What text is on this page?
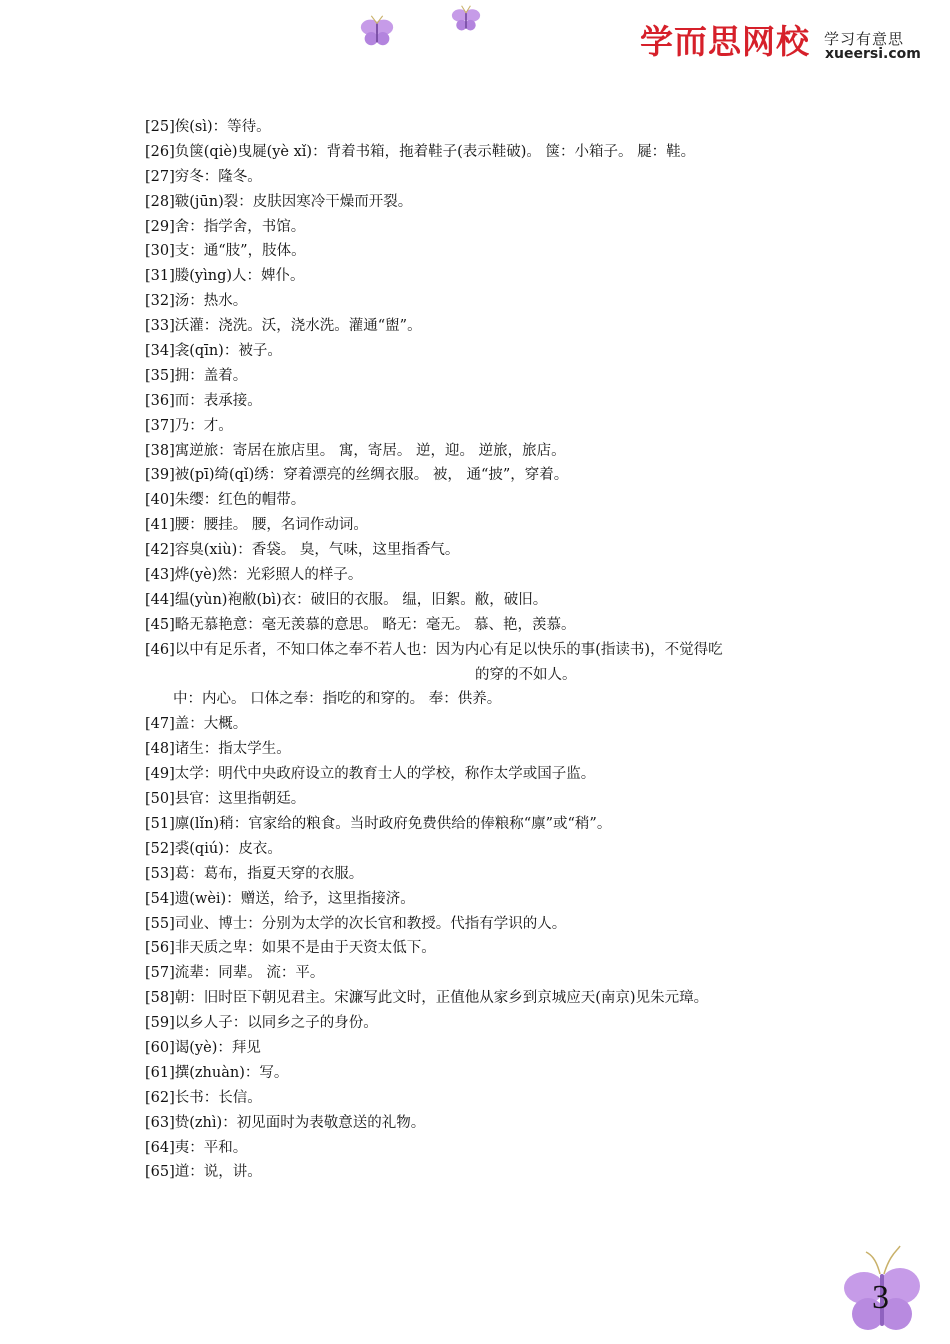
学而思网校 学习有意思
xueersi.com
[25]俟(sì)：等待。
[26]负箧(qiè)曳屣(yè xǐ)：背着书箱，拖着鞋子(表示鞋破)。 箧：小箱子。 屣：鞋。
[27]穷冬：隆冬。
[28]皲(jūn)裂：皮肤因寒冷干燥而开裂。
[29]舍：指学舍，书馆。
[30]支：通“肢”，肢体。
[31]媵(yìng)人：婢仆。
[32]汤：热水。
[33]沃灌：浇洗。沃，浇水洗。灌通“盥”。
[34]衾(qīn)：被子。
[35]拥：盖着。
[36]而：表承接。
[37]乃：才。
[38]寓逆旅：寄居在旅店里。 寓，寄居。 逆，迎。 逆旅，旅店。
[39]被(pī)绮(qǐ)绣：穿着漂亮的丝绸衣服。 被， 通“披”，穿着。
[40]朱缨：红色的帽带。
[41]腰：腰挂。 腰，名词作动词。
[42]容臭(xiù)：香袋。 臭，气味，这里指香气。
[43]烨(yè)然：光彩照人的样子。
[44]缊(yùn)袍敝(bì)衣：破旧的衣服。 缊，旧絮。敝，破旧。
[45]略无慕艳意：毫无羡慕的意思。 略无：毫无。 慕、艳，羡慕。
[46]以中有足乐者，不知口体之奉不若人也：因为内心有足以快乐的事(指读书)，不觉得吃
的穿的不如人。
中：内心。 口体之奉：指吃的和穿的。 奉：供养。
[47]盖：大概。
[48]诸生：指太学生。
[49]太学：明代中央政府设立的教育士人的学校，称作太学或国子监。
[50]县官：这里指朝廷。
[51]廪(lǐn)稍：官家给的粮食。当时政府免费供给的俸粮称“廪”或“稍”。
[52]裘(qiú)：皮衣。
[53]葛：葛布，指夏天穿的衣服。
[54]遗(wèi)：赠送，给予，这里指接济。
[55]司业、博士：分别为太学的次长官和教授。代指有学识的人。
[56]非天质之卑：如果不是由于天资太低下。
[57]流辈：同辈。 流：平。
[58]朝：旧时臣下朝见君主。宋濂写此文时，正值他从家乡到京城应天(南京)见朱元璋。
[59]以乡人子：以同乡之子的身份。
[60]谒(yè)：拜见
[61]撰(zhuàn)：写。
[62]长书：长信。
[63]贽(zhì)：初见面时为表敬意送的礼物。
[64]夷：平和。
[65]道：说，讲。
3
